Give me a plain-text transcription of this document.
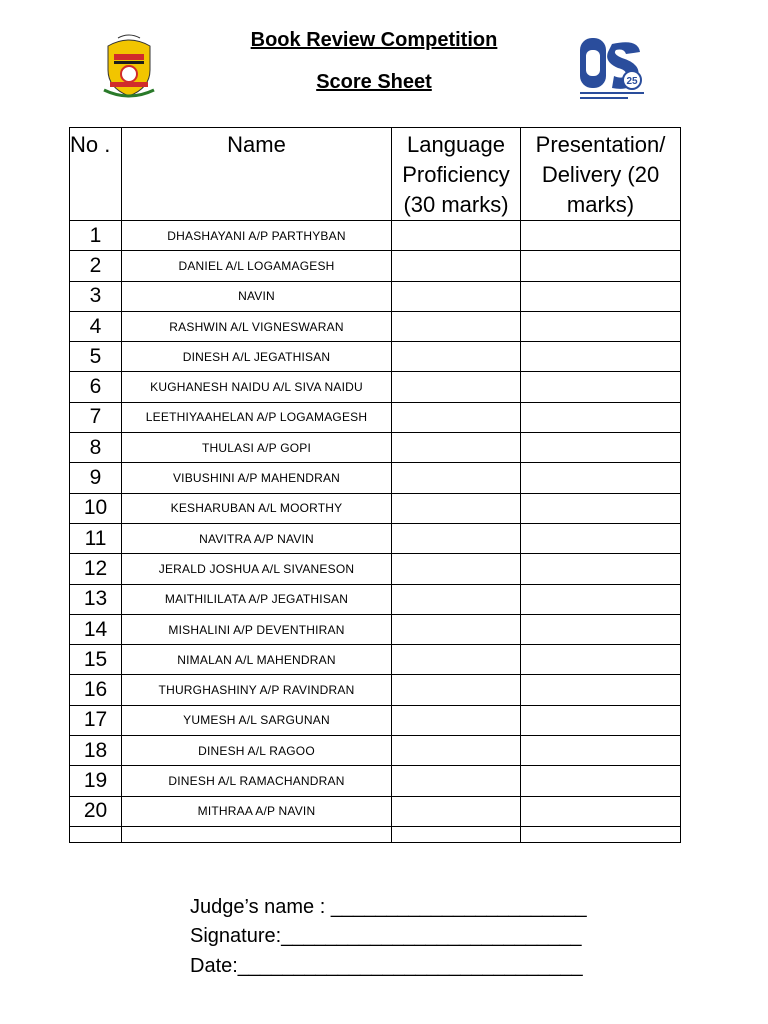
Book Review Competition
Score Sheet	25
No .	Name	Language Proficiency (30 marks)	Presentation/ Delivery (20 marks)
1	DHASHAYANI A/P PARTHYBAN		
2	DANIEL A/L LOGAMAGESH		
3	NAVIN		
4	RASHWIN A/L VIGNESWARAN		
5	DINESH A/L JEGATHISAN		
6	KUGHANESH NAIDU A/L SIVA NAIDU		
7	LEETHIYAAHELAN A/P LOGAMAGESH		
8	THULASI A/P GOPI		
9	VIBUSHINI A/P MAHENDRAN		
10	KESHARUBAN A/L MOORTHY		
11	NAVITRA A/P NAVIN		
12	JERALD JOSHUA A/L SIVANESON		
13	MAITHILILATA A/P JEGATHISAN		
14	MISHALINI A/P DEVENTHIRAN		
15	NIMALAN A/L MAHENDRAN		
16	THURGHASHINY A/P RAVINDRAN		
17	YUMESH A/L SARGUNAN		
18	DINESH A/L RAGOO		
19	DINESH A/L RAMACHANDRAN		
20	MITHRAA A/P NAVIN		

Judge’s name : _______________________
Signature:___________________________
Date:_______________________________
